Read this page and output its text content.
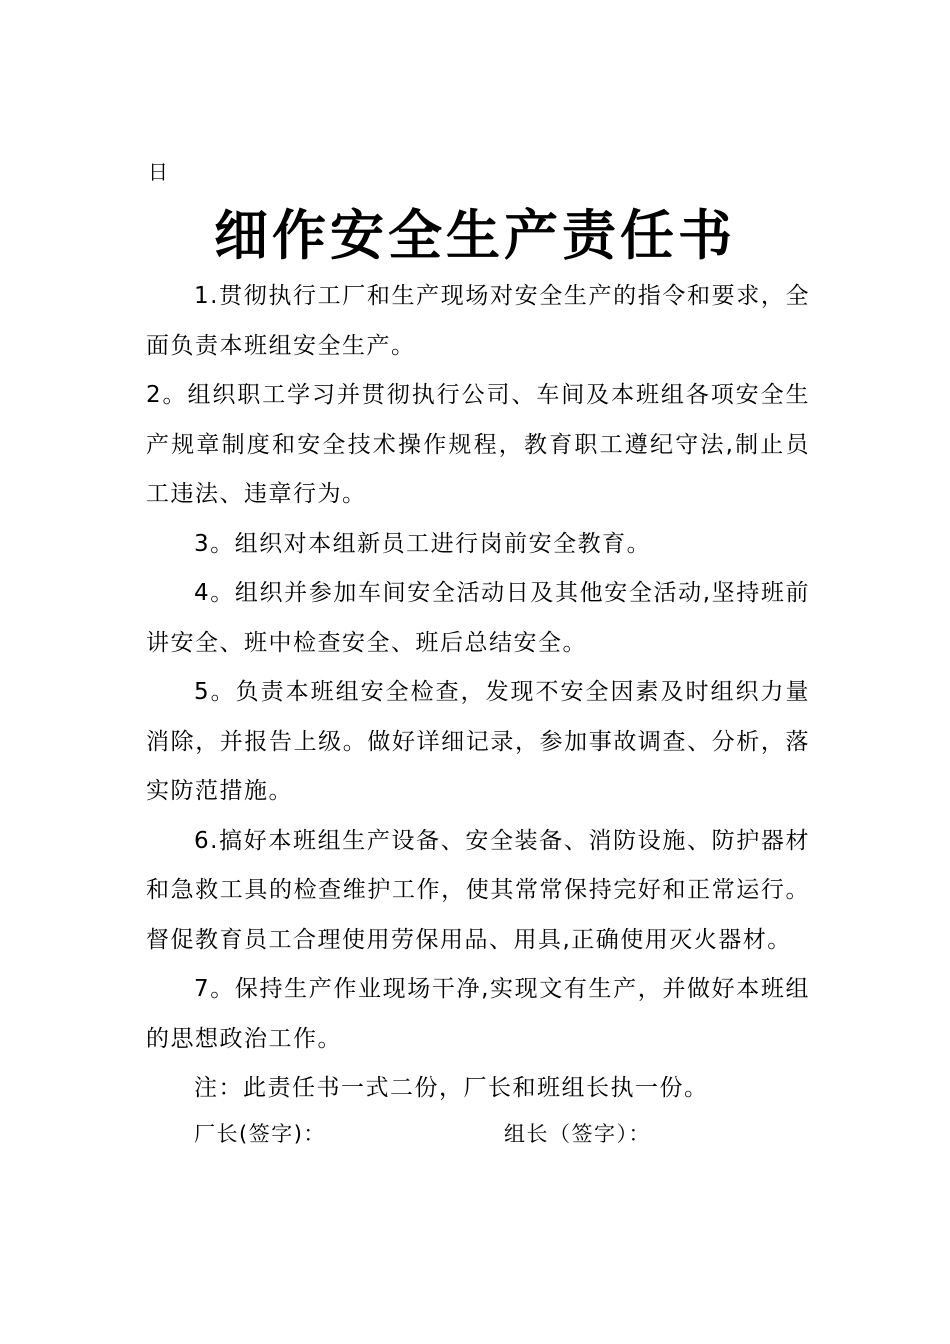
日
细作安全生产责任书

1.贯彻执行工厂和生产现场对安全生产的指令和要求，全面负责本班组安全生产。

2。组织职工学习并贯彻执行公司、车间及本班组各项安全生产规章制度和安全技术操作规程，教育职工遵纪守法,制止员工违法、违章行为。

3。组织对本组新员工进行岗前安全教育。

4。组织并参加车间安全活动日及其他安全活动,坚持班前讲安全、班中检查安全、班后总结安全。

5。负责本班组安全检查，发现不安全因素及时组织力量消除，并报告上级。做好详细记录，参加事故调查、分析，落实防范措施。

6.搞好本班组生产设备、安全装备、消防设施、防护器材和急救工具的检查维护工作，使其常常保持完好和正常运行。督促教育员工合理使用劳保用品、用具,正确使用灭火器材。

7。保持生产作业现场干净,实现文有生产，并做好本班组的思想政治工作。

注：此责任书一式二份，厂长和班组长执一份。

厂长(签字)：	组长（签字）：
